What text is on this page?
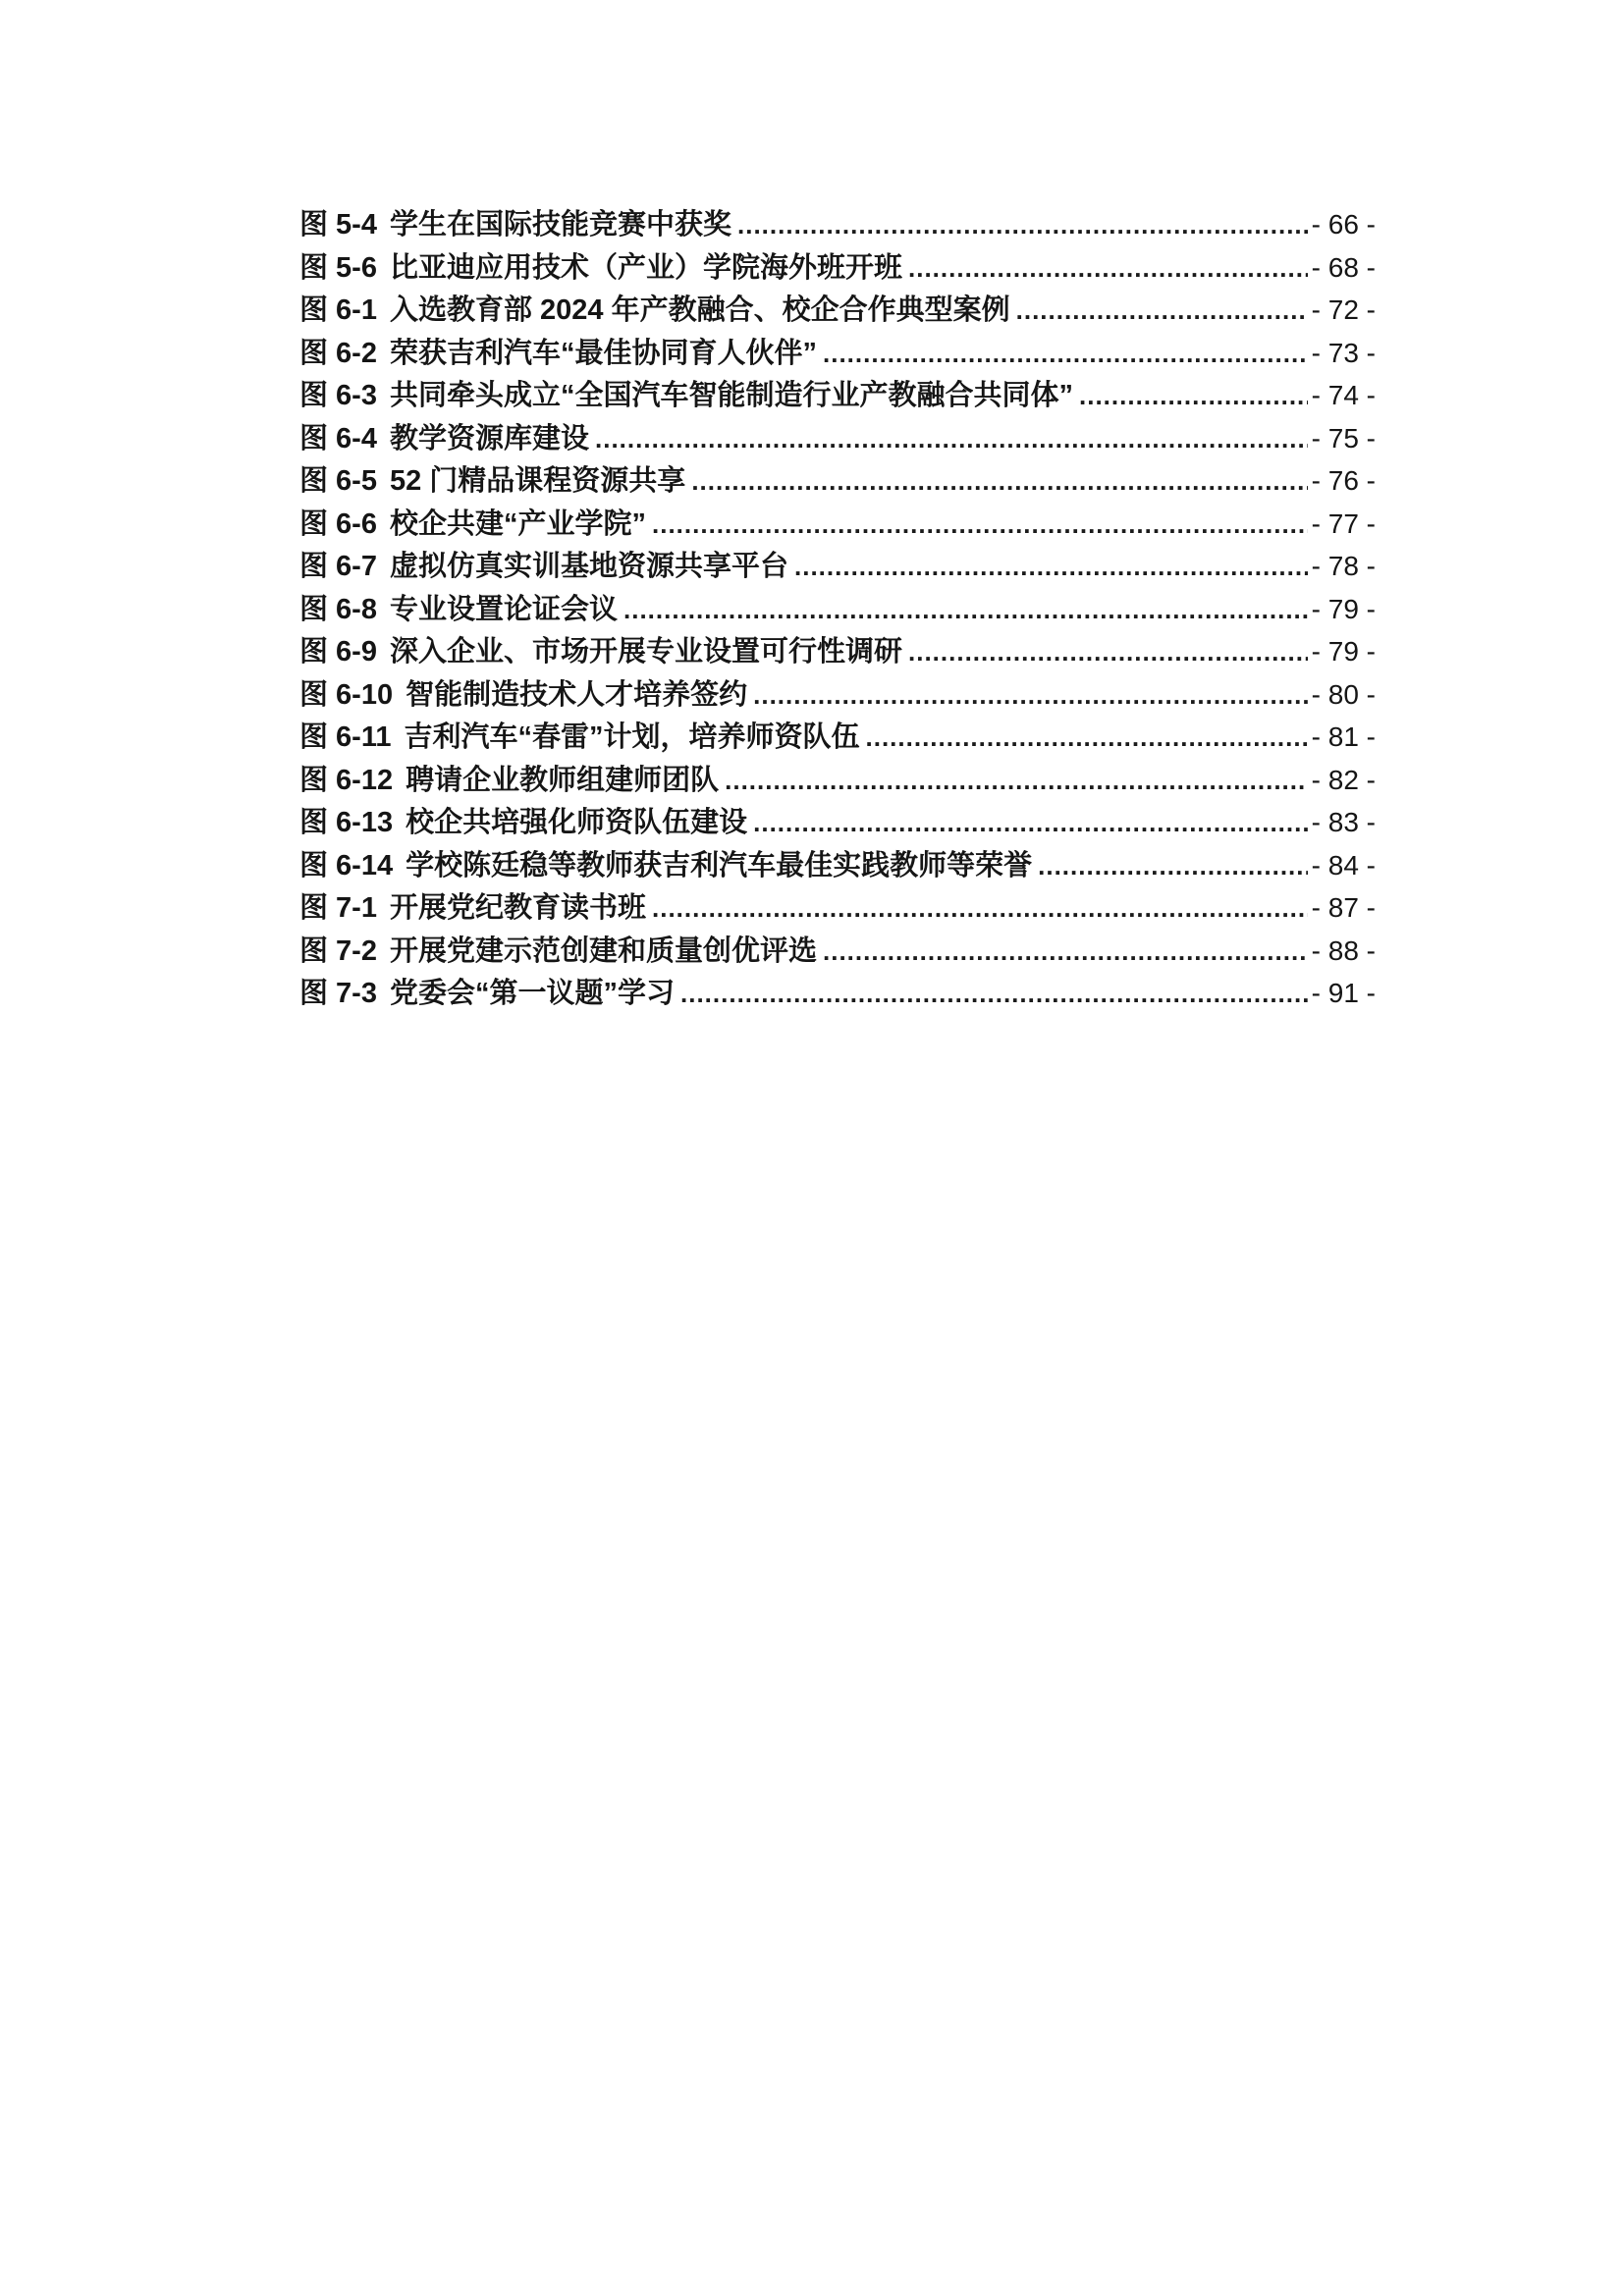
图 5-4 学生在国际技能竞赛中获奖 .....	- 66 -
图 5-6 比亚迪应用技术（产业）学院海外班开班 .....	- 68 -
图 6-1 入选教育部 2024 年产教融合、校企合作典型案例 .....	- 72 -
图 6-2 荣获吉利汽车“最佳协同育人伙伴” .....	- 73 -
图 6-3 共同牵头成立“全国汽车智能制造行业产教融合共同体” .....	- 74 -
图 6-4 教学资源库建设 .....	- 75 -
图 6-5 52 门精品课程资源共享 .....	- 76 -
图 6-6 校企共建“产业学院” .....	- 77 -
图 6-7 虚拟仿真实训基地资源共享平台 .....	- 78 -
图 6-8 专业设置论证会议 .....	- 79 -
图 6-9 深入企业、市场开展专业设置可行性调研 .....	- 79 -
图 6-10 智能制造技术人才培养签约 .....	- 80 -
图 6-11 吉利汽车“春雷”计划，培养师资队伍 .....	- 81 -
图 6-12 聘请企业教师组建师团队 .....	- 82 -
图 6-13 校企共培强化师资队伍建设 .....	- 83 -
图 6-14 学校陈廷稳等教师获吉利汽车最佳实践教师等荣誉 .....	- 84 -
图 7-1 开展党纪教育读书班 .....	- 87 -
图 7-2 开展党建示范创建和质量创优评选 .....	- 88 -
图 7-3 党委会“第一议题”学习 .....	- 91 -
